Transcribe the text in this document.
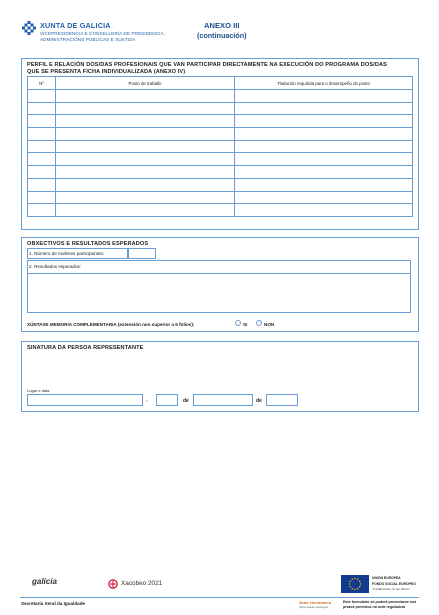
XUNTA DE GALICIA
VICEPRESIDENCIA E CONSELLERÍA DE PRESIDENCIA,
ADMINISTRACIÓNS PÚBLICAS E XUSTIZA
ANEXO III
(continuación)
PERFIL E RELACIÓN DOS/DAS PROFESIONAIS QUE VAN PARTICIPAR DIRECTAMENTE NA EXECUCIÓN DO PROGRAMA DOS/DAS
QUE SE PRESENTA FICHA INDIVIDUALIZADA (ANEXO IV)
Nº	Posto de traballo	Titulación requirida para o desempeño do posto

OBXECTIVOS E RESULTADOS ESPERADOS
1. Número de mulleres participantes:
2. Resultados esperados:
XÚNTASE MEMORIA COMPLEMENTARIA (extensión non superior a 6 folios):	SI	NON
SINATURA DA PERSOA REPRESENTANTE
Lugar e data
,	de	de
galicia	Xacobeo 2021
UNIÓN EUROPEA
FONDO SOCIAL EUROPEO
"O FSE invirte no teu futuro"
Secretaría Xeral da Igualdade	Sede electrónica
https://sede.xunta.gal
Este formulario só poderá presentarse nos
prazos previstos na orde reguladora
